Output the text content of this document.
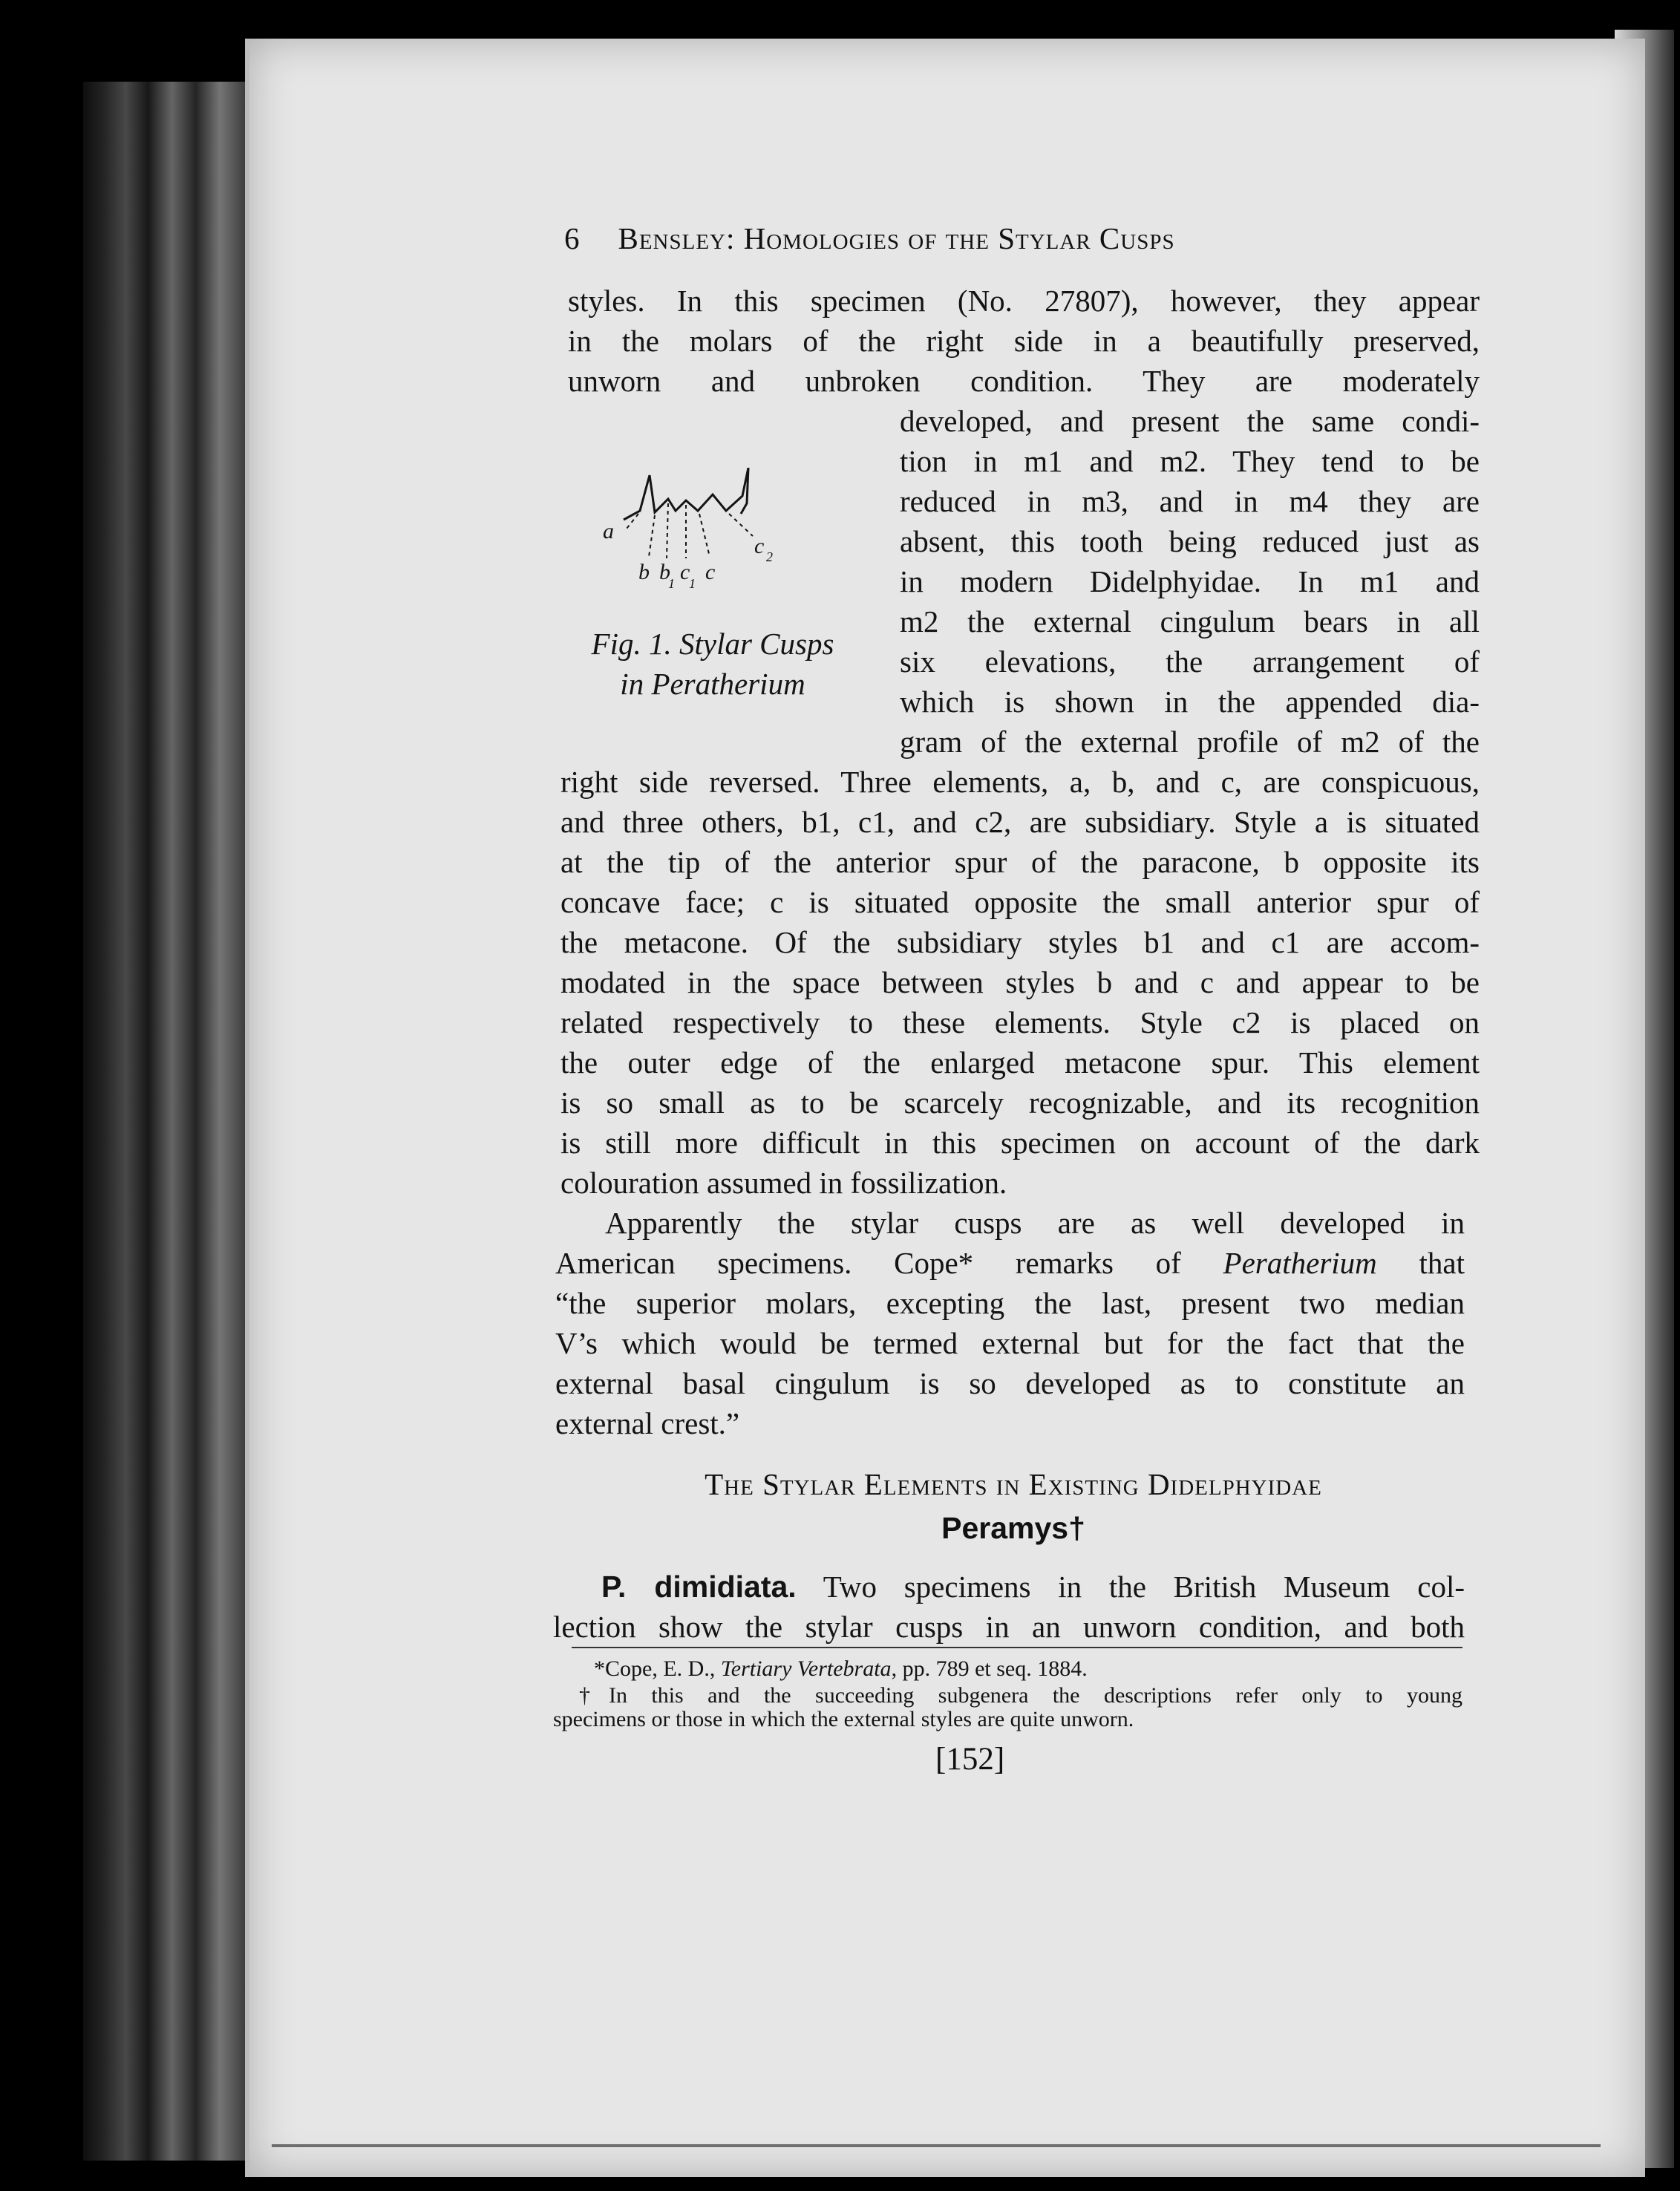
6 Bensley: Homologies of the Stylar Cusps
styles. In this specimen (No. 27807), however, they appear
in the molars of the right side in a beautifully preserved,
unworn and unbroken condition. They are moderately
developed, and present the same condi-
tion in m1 and m2. They tend to be
reduced in m3, and in m4 they are
absent, this tooth being reduced just as
in modern Didelphyidae. In m1 and
m2 the external cingulum bears in all
six elevations, the arrangement of
which is shown in the appended dia-
gram of the external profile of m2 of the
a
b b
1 c
1 c
c 2
Fig. 1. Stylar Cusps
in Peratherium
right side reversed. Three elements, a, b, and c, are conspicuous,
and three others, b1, c1, and c2, are subsidiary. Style a is situated
at the tip of the anterior spur of the paracone, b opposite its
concave face; c is situated opposite the small anterior spur of
the metacone. Of the subsidiary styles b1 and c1 are accom-
modated in the space between styles b and c and appear to be
related respectively to these elements. Style c2 is placed on
the outer edge of the enlarged metacone spur. This element
is so small as to be scarcely recognizable, and its recognition
is still more difficult in this specimen on account of the dark
colouration assumed in fossilization.
Apparently the stylar cusps are as well developed in
American specimens. Cope* remarks of Peratherium that
“the superior molars, excepting the last, present two median
V’s which would be termed external but for the fact that the
external basal cingulum is so developed as to constitute an
external crest.”
The Stylar Elements in Existing Didelphyidae
Peramys†
P. dimidiata. Two specimens in the British Museum col-
lection show the stylar cusps in an unworn condition, and both
*Cope, E. D., Tertiary Vertebrata, pp. 789 et seq. 1884.
†In this and the succeeding subgenera the descriptions refer only to young
specimens or those in which the external styles are quite unworn.
[152]
